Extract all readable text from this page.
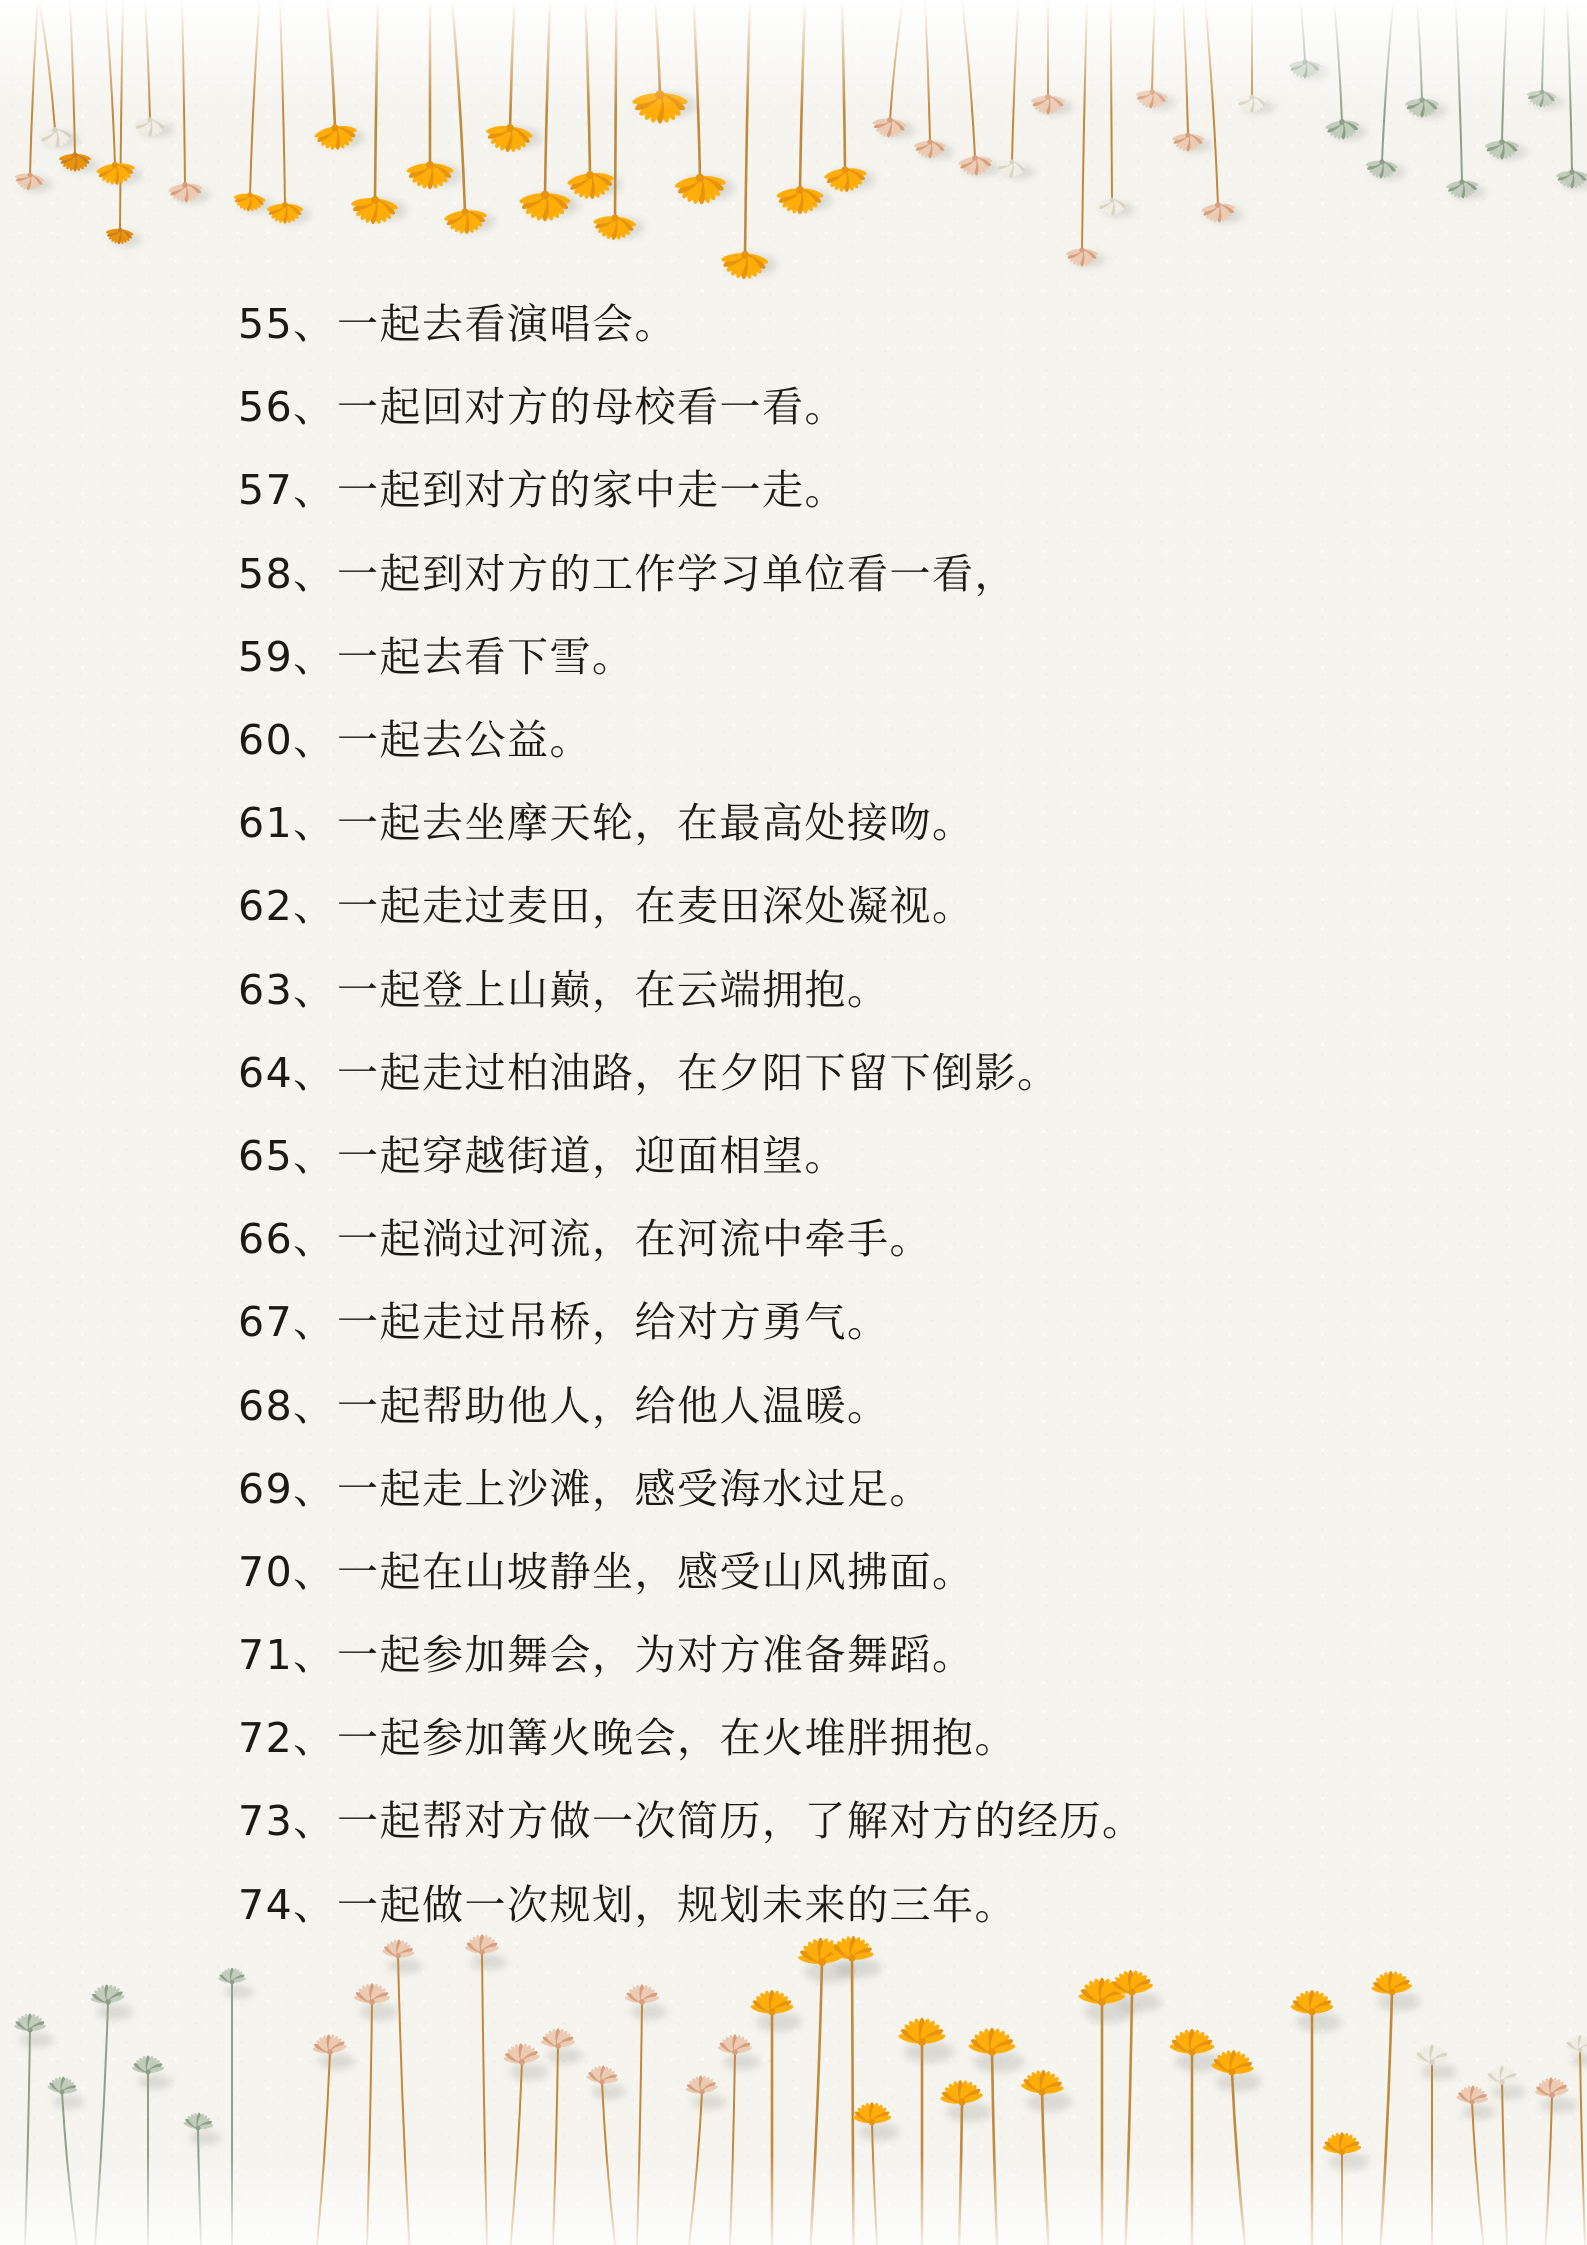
55、 一起去看演唱会。
56、 一起回对方的母校看一看。
57、 一起到对方的家中走一走。
58、 一起到对方的工作学习单位看一看，
59、 一起去看下雪。
60、 一起去公益。
61、 一起去坐摩天轮，在最高处接吻。
62、 一起走过麦田，在麦田深处凝视。
63、 一起登上山巅，在云端拥抱。
64、 一起走过柏油路，在夕阳下留下倒影。
65、 一起穿越街道，迎面相望。
66、 一起淌过河流，在河流中牵手。
67、 一起走过吊桥，给对方勇气。
68、 一起帮助他人，给他人温暖。
69、 一起走上沙滩，感受海水过足。
70、 一起在山坡静坐，感受山风拂面。
71、 一起参加舞会，为对方准备舞蹈。
72、 一起参加篝火晚会，在火堆胖拥抱。
73、 一起帮对方做一次简历，了解对方的经历。
74、 一起做一次规划，规划未来的三年。
